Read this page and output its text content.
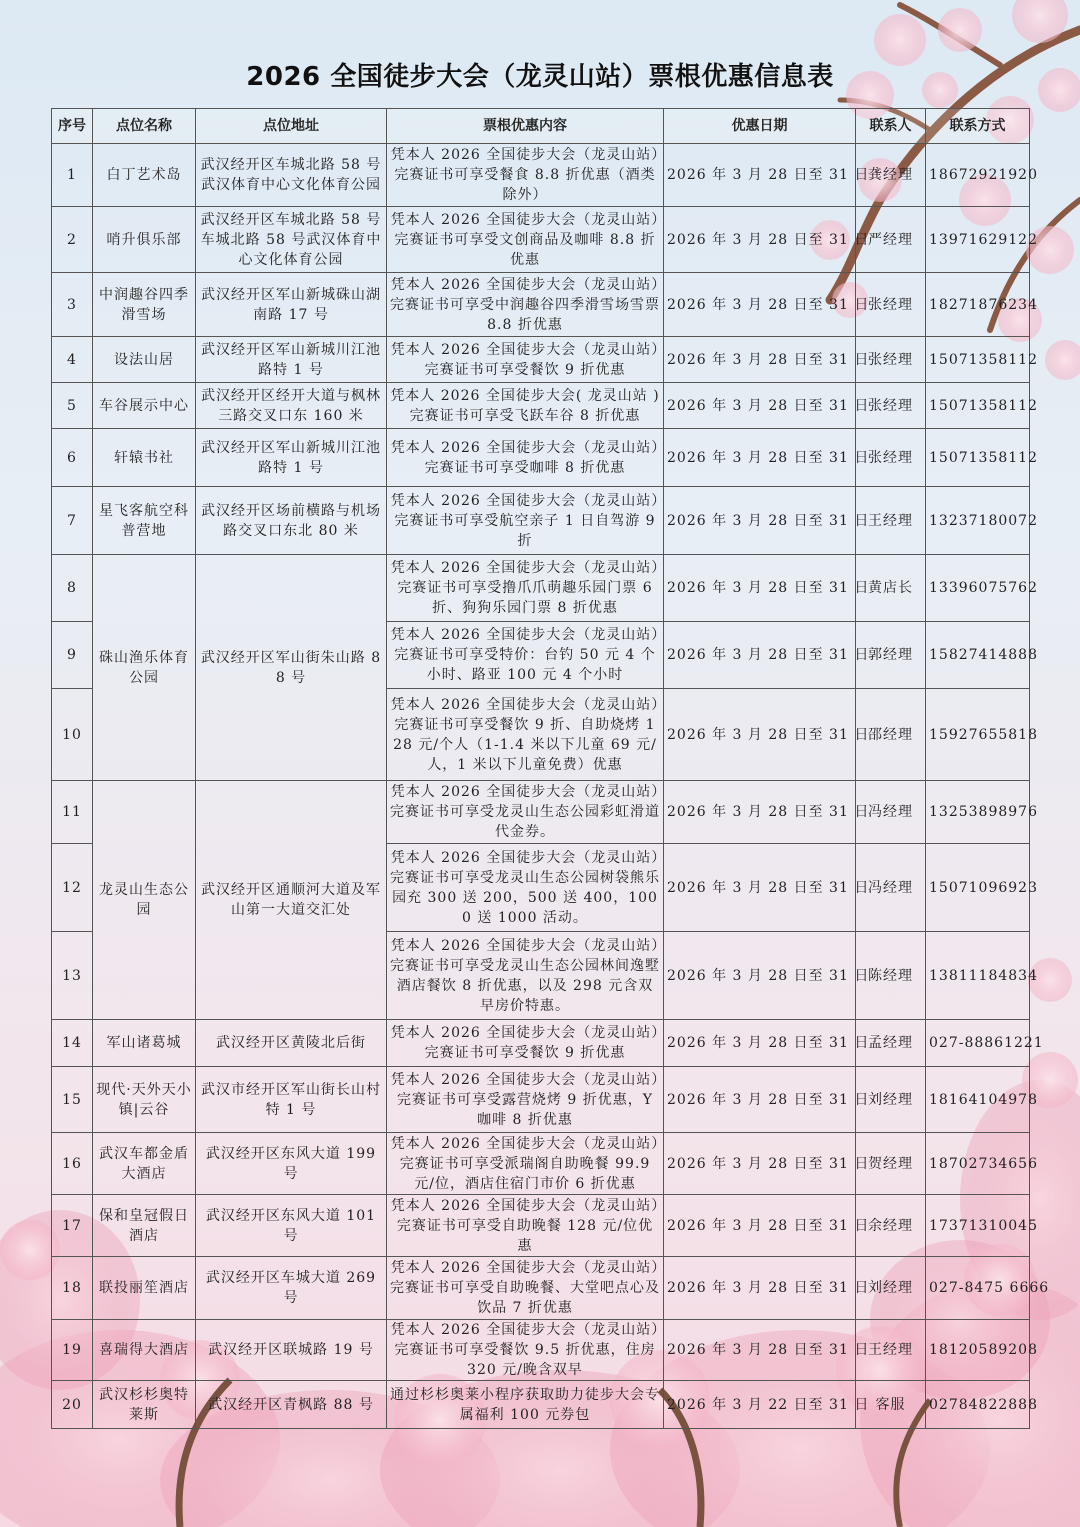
2026 全国徒步大会（龙灵山站）票根优惠信息表
序号	点位名称	点位地址	票根优惠内容	优惠日期	联系人	联系方式
1	白丁艺术岛	武汉经开区车城北路 58 号武汉体育中心文化体育公园	凭本人 2026 全国徒步大会（龙灵山站）完赛证书可享受餐食 8.8 折优惠（酒类除外）	2026 年 3 月 28 日至 31 日	龚经理	18672921920
2	哨升俱乐部	武汉经开区车城北路 58 号车城北路 58 号武汉体育中心文化体育公园	凭本人 2026 全国徒步大会（龙灵山站）完赛证书可享受文创商品及咖啡 8.8 折优惠	2026 年 3 月 28 日至 31 日	严经理	13971629122
3	中润趣谷四季滑雪场	武汉经开区军山新城硃山湖南路 17 号	凭本人 2026 全国徒步大会（龙灵山站）完赛证书可享受中润趣谷四季滑雪场雪票 8.8 折优惠	2026 年 3 月 28 日至 31 日	张经理	18271876234
4	设法山居	武汉经开区军山新城川江池路特 1 号	凭本人 2026 全国徒步大会（龙灵山站）完赛证书可享受餐饮 9 折优惠	2026 年 3 月 28 日至 31 日	张经理	15071358112
5	车谷展示中心	武汉经开区经开大道与枫林三路交叉口东 160 米	凭本人 2026 全国徒步大会( 龙灵山站 ) 完赛证书可享受飞跃车谷 8 折优惠	2026 年 3 月 28 日至 31 日	张经理	15071358112
6	轩辕书社	武汉经开区军山新城川江池路特 1 号	凭本人 2026 全国徒步大会（龙灵山站）完赛证书可享受咖啡 8 折优惠	2026 年 3 月 28 日至 31 日	张经理	15071358112
7	星飞客航空科普营地	武汉经开区场前横路与机场路交叉口东北 80 米	凭本人 2026 全国徒步大会（龙灵山站）完赛证书可享受航空亲子 1 日自驾游 9 折	2026 年 3 月 28 日至 31 日	王经理	13237180072
8	硃山渔乐体育公园	武汉经开区军山街朱山路 88 号	凭本人 2026 全国徒步大会（龙灵山站）完赛证书可享受撸爪爪萌趣乐园门票 6 折、狗狗乐园门票 8 折优惠	2026 年 3 月 28 日至 31 日	黄店长	13396075762
9			凭本人 2026 全国徒步大会（龙灵山站）完赛证书可享受特价：台钓 50 元 4 个小时、路亚 100 元 4 个小时	2026 年 3 月 28 日至 31 日	郭经理	15827414888
10			凭本人 2026 全国徒步大会（龙灵山站）完赛证书可享受餐饮 9 折、自助烧烤 128 元/个人（1-1.4 米以下儿童 69 元/人，1 米以下儿童免费）优惠	2026 年 3 月 28 日至 31 日	邵经理	15927655818
11	龙灵山生态公园	武汉经开区通顺河大道及军山第一大道交汇处	凭本人 2026 全国徒步大会（龙灵山站）完赛证书可享受龙灵山生态公园彩虹滑道代金券。	2026 年 3 月 28 日至 31 日	冯经理	13253898976
12			凭本人 2026 全国徒步大会（龙灵山站）完赛证书可享受龙灵山生态公园树袋熊乐园充 300 送 200，500 送 400，1000 送 1000 活动。	2026 年 3 月 28 日至 31 日	冯经理	15071096923
13			凭本人 2026 全国徒步大会（龙灵山站）完赛证书可享受龙灵山生态公园林间逸墅酒店餐饮 8 折优惠，以及 298 元含双早房价特惠。	2026 年 3 月 28 日至 31 日	陈经理	13811184834
14	军山诸葛城	武汉经开区黄陵北后街	凭本人 2026 全国徒步大会（龙灵山站）完赛证书可享受餐饮 9 折优惠	2026 年 3 月 28 日至 31 日	孟经理	027-88861221
15	现代·天外天小镇|云谷	武汉市经开区军山街长山村特 1 号	凭本人 2026 全国徒步大会（龙灵山站）完赛证书可享受露营烧烤 9 折优惠，Y 咖啡 8 折优惠	2026 年 3 月 28 日至 31 日	刘经理	18164104978
16	武汉车都金盾大酒店	武汉经开区东风大道 199 号	凭本人 2026 全国徒步大会（龙灵山站）完赛证书可享受派瑞阁自助晚餐 99.9 元/位，酒店住宿门市价 6 折优惠	2026 年 3 月 28 日至 31 日	贺经理	18702734656
17	保和皇冠假日酒店	武汉经开区东风大道 101 号	凭本人 2026 全国徒步大会（龙灵山站）完赛证书可享受自助晚餐 128 元/位优惠	2026 年 3 月 28 日至 31 日	余经理	17371310045
18	联投丽笙酒店	武汉经开区车城大道 269 号	凭本人 2026 全国徒步大会（龙灵山站）完赛证书可享受自助晚餐、大堂吧点心及饮品 7 折优惠	2026 年 3 月 28 日至 31 日	刘经理	027-8475 6666
19	喜瑞得大酒店	武汉经开区联城路 19 号	凭本人 2026 全国徒步大会（龙灵山站）完赛证书可享受餐饮 9.5 折优惠，住房 320 元/晚含双早	2026 年 3 月 28 日至 31 日	王经理	18120589208
20	武汉杉杉奥特莱斯	武汉经开区青枫路 88 号	通过杉杉奥莱小程序获取助力徒步大会专属福利 100 元券包	2026 年 3 月 22 日至 31 日	客服	02784822888
